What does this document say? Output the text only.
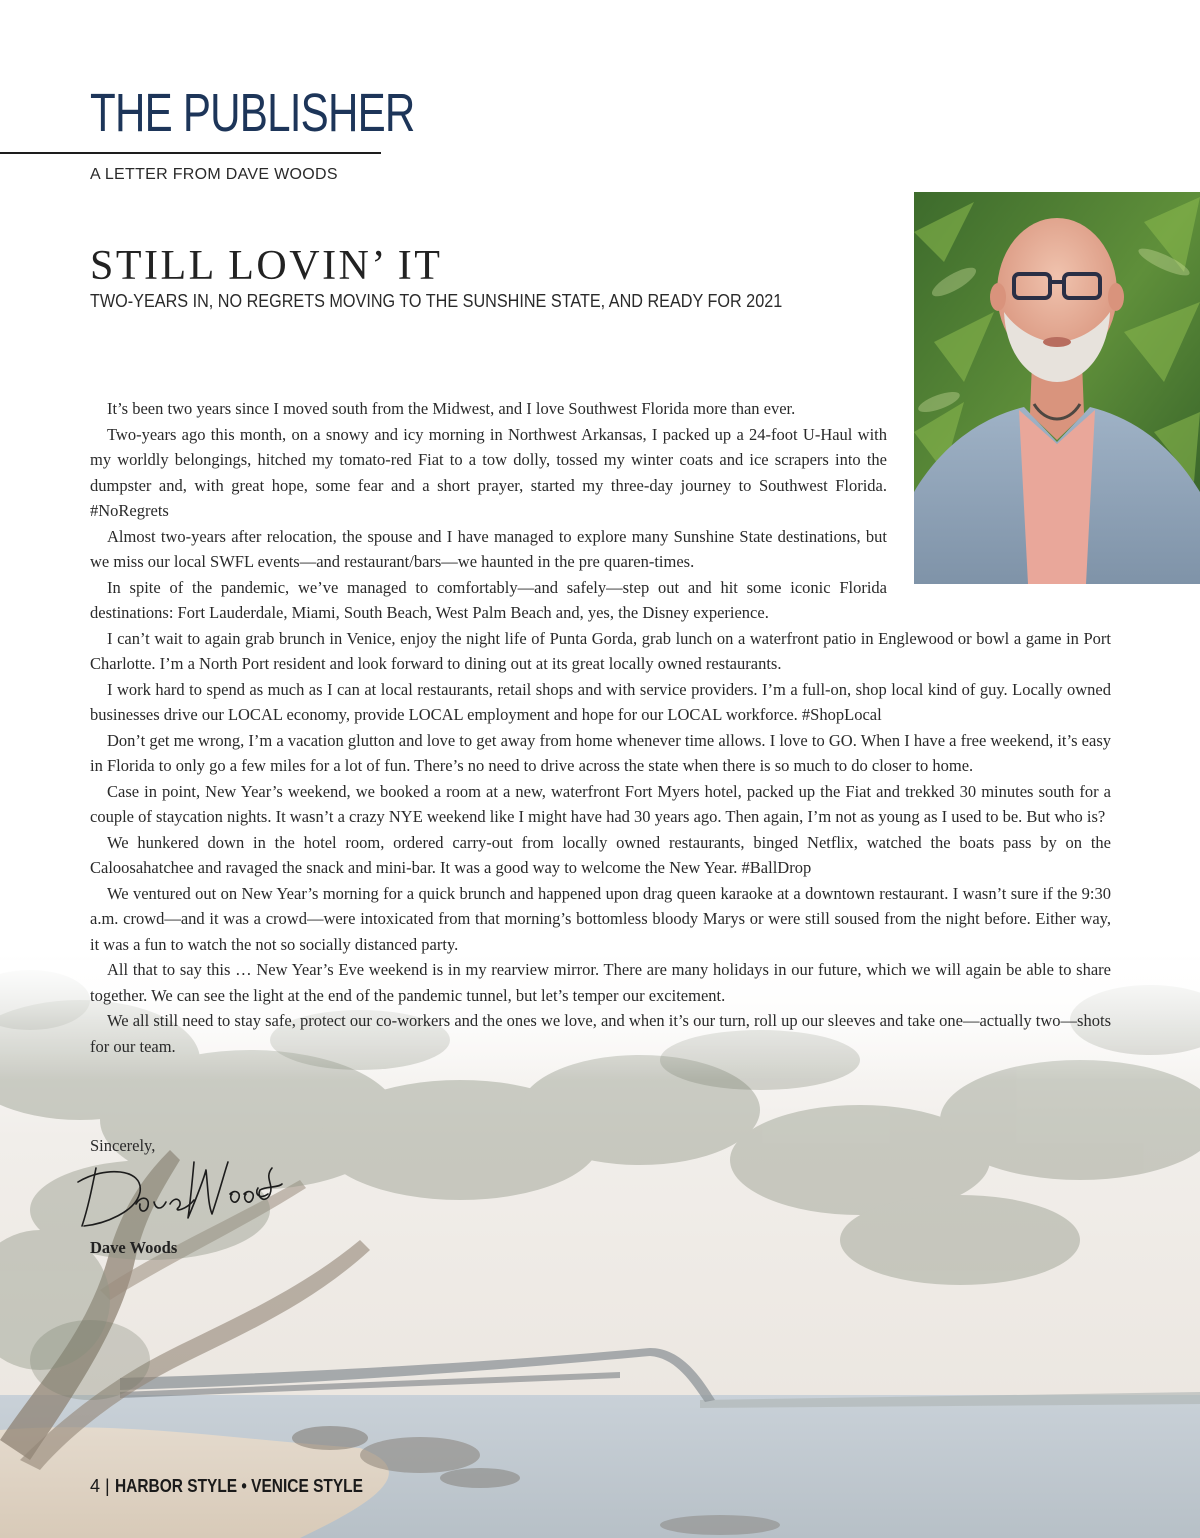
THE PUBLISHER
A LETTER FROM DAVE WOODS
STILL LOVIN’ IT
TWO-YEARS IN, NO REGRETS MOVING TO THE SUNSHINE STATE, AND READY FOR 2021

It’s been two years since I moved south from the Midwest, and I love Southwest Florida more than ever.

Two-years ago this month, on a snowy and icy morning in Northwest Arkansas, I packed up a 24-foot U-Haul with my worldly belongings, hitched my tomato-red Fiat to a tow dolly, tossed my winter coats and ice scrapers into the dumpster and, with great hope, some fear and a short prayer, started my three-day journey to Southwest Florida. #NoRegrets

Almost two-years after relocation, the spouse and I have managed to explore many Sunshine State destinations, but we miss our local SWFL events—and restaurant/bars—we haunted in the pre quaren-times.

In spite of the pandemic, we’ve managed to comfortably—and safely—step out and hit some iconic Florida destinations: Fort Lauderdale, Miami, South Beach, West Palm Beach and, yes, the Disney experience.

I can’t wait to again grab brunch in Venice, enjoy the night life of Punta Gorda, grab lunch on a waterfront patio in Englewood or bowl a game in Port Charlotte. I’m a North Port resident and look forward to dining out at its great locally owned restaurants.

I work hard to spend as much as I can at local restaurants, retail shops and with service providers. I’m a full-on, shop local kind of guy. Locally owned businesses drive our LOCAL economy, provide LOCAL employment and hope for our LOCAL workforce. #ShopLocal

Don’t get me wrong, I’m a vacation glutton and love to get away from home whenever time allows. I love to GO. When I have a free weekend, it’s easy in Florida to only go a few miles for a lot of fun. There’s no need to drive across the state when there is so much to do closer to home.

Case in point, New Year’s weekend, we booked a room at a new, waterfront Fort Myers hotel, packed up the Fiat and trekked 30 minutes south for a couple of staycation nights. It wasn’t a crazy NYE weekend like I might have had 30 years ago. Then again, I’m not as young as I used to be. But who is?

We hunkered down in the hotel room, ordered carry-out from locally owned restaurants, binged Netflix, watched the boats pass by on the Caloosahatchee and ravaged the snack and mini-bar. It was a good way to welcome the New Year. #BallDrop

We ventured out on New Year’s morning for a quick brunch and happened upon drag queen karaoke at a downtown restaurant. I wasn’t sure if the 9:30 a.m. crowd—and it was a crowd—were intoxicated from that morning’s bottomless bloody Marys or were still soused from the night before. Either way, it was a fun to watch the not so socially distanced party.

All that to say this … New Year’s Eve weekend is in my rearview mirror. There are many holidays in our future, which we will again be able to share together. We can see the light at the end of the pandemic tunnel, but let’s temper our excitement.

We all still need to stay safe, protect our co-workers and the ones we love, and when it’s our turn, roll up our sleeves and take one—actually two—shots for our team.

Sincerely,
Dave Woods
4 | HARBOR STYLE • VENICE STYLE
